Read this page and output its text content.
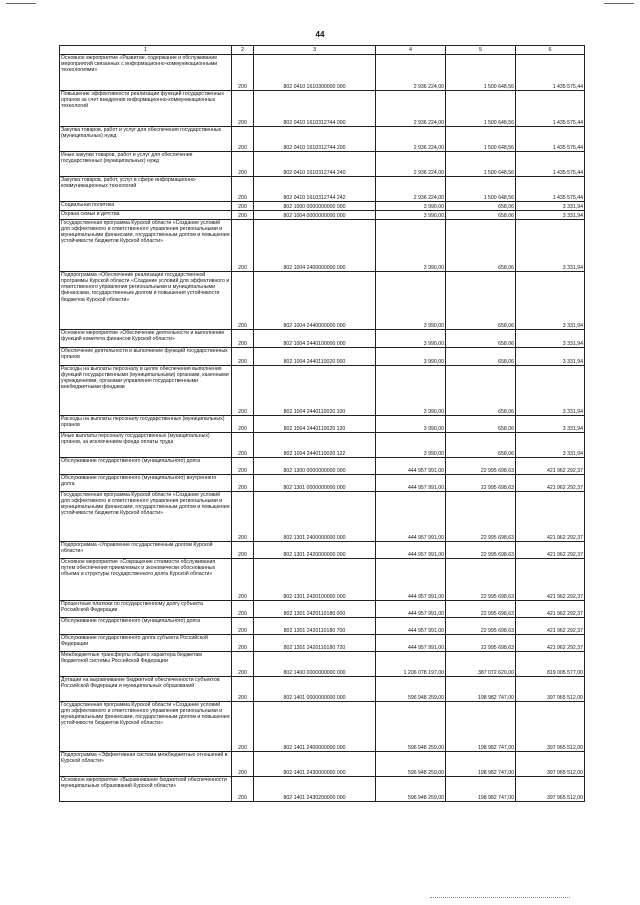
44
1	2	3	4	5	6
Основное мероприятие «Развитие, содержание и обслуживание мероприятий связанных с информационно-коммуникационными технологиями»	200	802 0410 1610300000 000	2 936 224,00	1 500 648,56	1 435 575,44
Повышение эффективности реализации функций государственных органов за счет внедрения информационно-коммуникационных технологий	200	802 0410 1610312744 000	2 936 224,00	1 500 648,56	1 435 575,44
Закупка товаров, работ и услуг для обеспечения государственных (муниципальных) нужд	200	802 0410 1610312744 200	2 936 224,00	1 500 648,56	1 435 575,44
Иные закупки товаров, работ и услуг для обеспечения государственных (муниципальных) нужд	200	802 0410 1610312744 240	2 936 224,00	1 500 648,56	1 435 575,44
Закупка товаров, работ, услуг в сфере информационно-коммуникационных технологий	200	802 0410 1610312744 242	2 936 224,00	1 500 648,56	1 435 575,44
Социальная политика	200	802 1000 0000000000 000	3 990,00	658,06	3 331,94
Охрана семьи и детства	200	802 1004 0000000000 000	3 990,00	658,06	3 331,94
Государственная программа Курской области «Создание условий для эффективного и ответственного управления региональными и муниципальными финансами, государственным долгом и повышения устойчивости бюджетов Курской области»	200	802 1004 2400000000 000	3 990,00	658,06	3 331,94
Подпрограмма «Обеспечение реализации государственной программы Курской области «Создание условий для эффективного и ответственного управления региональными и муниципальными финансами, государственным долгом и повышения устойчивости бюджетов Курской области»	200	802 1004 2440000000 000	3 990,00	658,06	3 331,94
Основное мероприятие «Обеспечение деятельности и выполнение функций комитета финансов Курской области»	200	802 1004 2440100000 000	3 990,00	658,06	3 331,94
Обеспечение деятельности и выполнение функций государственных органов	200	802 1004 2440110020 000	3 990,00	658,06	3 331,94
Расходы на выплаты персоналу в целях обеспечения выполнения функций государственными (муниципальными) органами, казенными учреждениями, органами управления государственными внебюджетными фондами	200	802 1004 2440110020 100	3 990,00	658,06	3 331,94
Расходы на выплаты персоналу государственных (муниципальных) органов	200	802 1004 2440110020 120	3 990,00	658,06	3 331,94
Иные выплаты персоналу государственных (муниципальных) органов, за исключением фонда оплаты труда	200	802 1004 2440110020 122	3 990,00	658,06	3 331,94
Обслуживание государственного (муниципального) долга	200	802 1300 0000000000 000	444 957 991,00	22 995 698,63	421 962 292,37
Обслуживание государственного (муниципального) внутреннего долга	200	802 1301 0000000000 000	444 957 991,00	22 995 698,63	421 962 292,37
Государственная программа Курской области «Создание условий для эффективного и ответственного управления региональными и муниципальными финансами, государственным долгом и повышения устойчивости бюджетов Курской области»	200	802 1301 2400000000 000	444 957 991,00	22 995 698,63	421 962 292,37
Подпрограмма «Управление государственным долгом Курской области»	200	802 1301 2420000000 000	444 957 991,00	22 995 698,63	421 962 292,37
Основное мероприятие «Сокращение стоимости обслуживания путем обеспечения приемлемых и экономически обоснованных объема и структуры государственного долга Курской области»	200	802 1301 2420100000 000	444 957 991,00	22 995 698,63	421 962 292,37
Процентные платежи по государственному долгу субъекта Российской Федерации	200	802 1301 2420110180 000	444 957 991,00	22 995 698,63	421 962 292,37
Обслуживание государственного (муниципального) долга	200	802 1301 2420110180 700	444 957 991,00	22 995 698,63	421 962 292,37
Обслуживание государственного долга субъекта Российской Федерации	200	802 1301 2420110180 720	444 957 991,00	22 995 698,63	421 962 292,37
Межбюджетные трансферты общего характера бюджетам бюджетной системы Российской Федерации	200	802 1400 0000000000 000	1 206 078 197,00	387 072 620,00	819 005 577,00
Дотации на выравнивание бюджетной обеспеченности субъектов Российской Федерации и муниципальных образований	200	802 1401 0000000000 000	596 948 259,00	198 982 747,00	397 965 512,00
Государственная программа Курской области «Создание условий для эффективного и ответственного управления региональными и муниципальными финансами, государственным долгом и повышения устойчивости бюджетов Курской области»	200	802 1401 2400000000 000	596 948 259,00	198 982 747,00	397 965 512,00
Подпрограмма «Эффективная система межбюджетных отношений в Курской области»	200	802 1401 2430000000 000	596 948 259,00	198 982 747,00	397 965 512,00
Основное мероприятие «Выравнивание бюджетной обеспеченности муниципальных образований Курской области»	200	802 1401 2430200000 000	596 948 259,00	198 982 747,00	397 965 512,00
